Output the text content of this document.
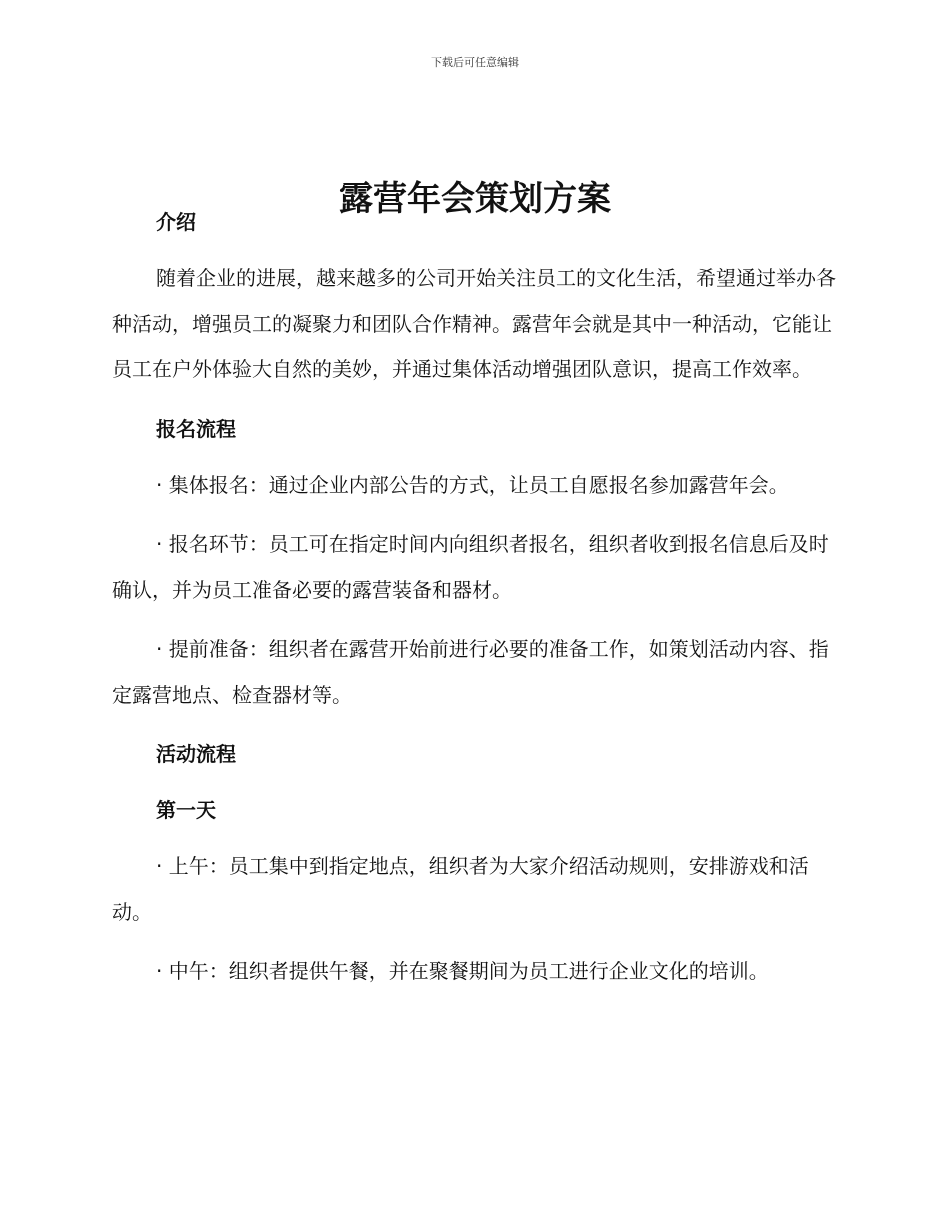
下载后可任意编辑
露营年会策划方案
介绍

随着企业的进展，越来越多的公司开始关注员工的文化生活，希望通过举办各种活动，增强员工的凝聚力和团队合作精神。露营年会就是其中一种活动，它能让员工在户外体验大自然的美妙，并通过集体活动增强团队意识，提高工作效率。

报名流程

· 集体报名：通过企业内部公告的方式，让员工自愿报名参加露营年会。

· 报名环节：员工可在指定时间内向组织者报名，组织者收到报名信息后及时确认，并为员工准备必要的露营装备和器材。

· 提前准备：组织者在露营开始前进行必要的准备工作，如策划活动内容、指定露营地点、检查器材等。

活动流程
第一天

· 上午：员工集中到指定地点，组织者为大家介绍活动规则，安排游戏和活动。

· 中午：组织者提供午餐，并在聚餐期间为员工进行企业文化的培训。
